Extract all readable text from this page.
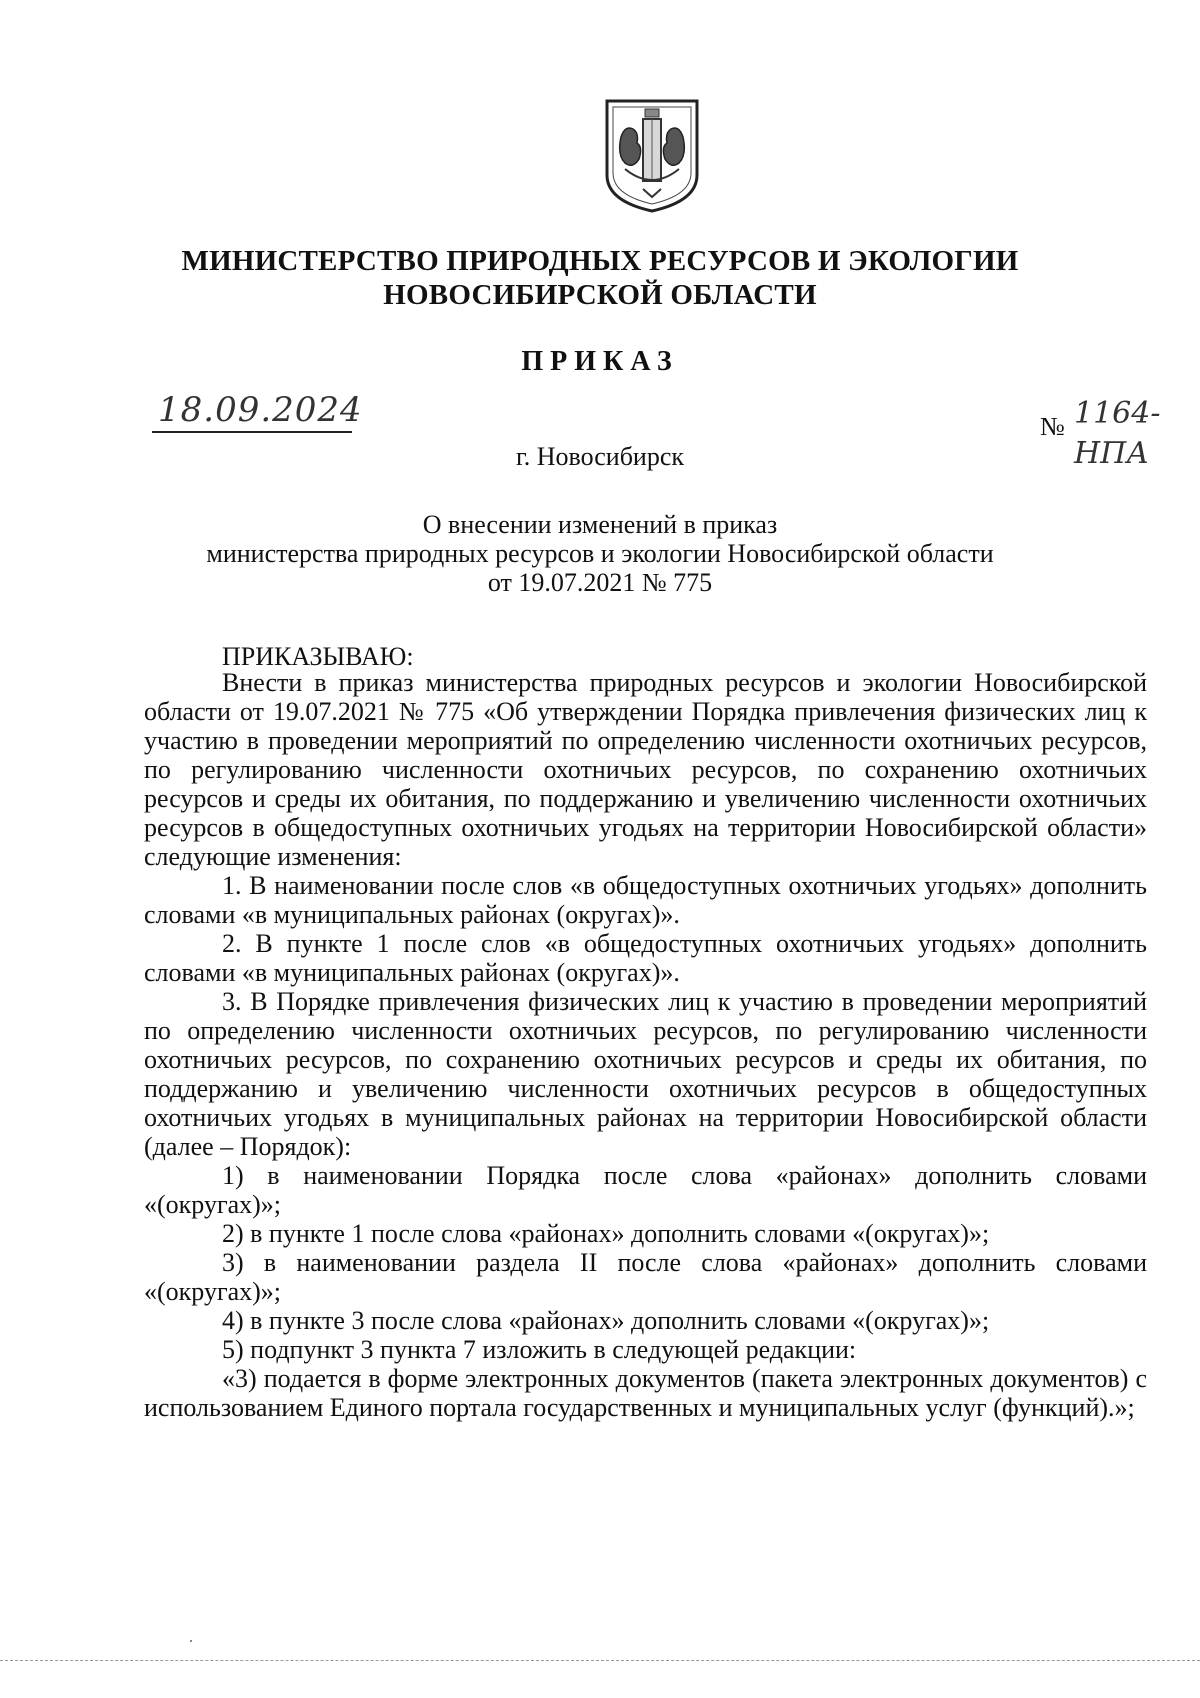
МИНИСТЕРСТВО ПРИРОДНЫХ РЕСУРСОВ И ЭКОЛОГИИ
НОВОСИБИРСКОЙ ОБЛАСТИ
ПРИКАЗ
18.09.2024	№ 1164-
НПА
г. Новосибирск
О внесении изменений в приказ
министерства природных ресурсов и экологии Новосибирской области
от 19.07.2021 № 775
ПРИКАЗЫВАЮ:

Внести в приказ министерства природных ресурсов и экологии Новосибирской области от 19.07.2021 № 775 «Об утверждении Порядка привлечения физических лиц к участию в проведении мероприятий по определению численности охотничьих ресурсов, по регулированию численности охотничьих ресурсов, по сохранению охотничьих ресурсов и среды их обитания, по поддержанию и увеличению численности охотничьих ресурсов в общедоступных охотничьих угодьях на территории Новосибирской области» следующие изменения:

1. В наименовании после слов «в общедоступных охотничьих угодьях» дополнить словами «в муниципальных районах (округах)».

2. В пункте 1 после слов «в общедоступных охотничьих угодьях» дополнить словами «в муниципальных районах (округах)».

3. В Порядке привлечения физических лиц к участию в проведении мероприятий по определению численности охотничьих ресурсов, по регулированию численности охотничьих ресурсов, по сохранению охотничьих ресурсов и среды их обитания, по поддержанию и увеличению численности охотничьих ресурсов в общедоступных охотничьих угодьях в муниципальных районах на территории Новосибирской области (далее – Порядок):

1) в наименовании Порядка после слова «районах» дополнить словами «(округах)»;

2) в пункте 1 после слова «районах» дополнить словами «(округах)»;

3) в наименовании раздела II после слова «районах» дополнить словами «(округах)»;

4) в пункте 3 после слова «районах» дополнить словами «(округах)»;

5) подпункт 3 пункта 7 изложить в следующей редакции:

«3) подается в форме электронных документов (пакета электронных документов) с использованием Единого портала государственных и муниципальных услуг (функций).»;
